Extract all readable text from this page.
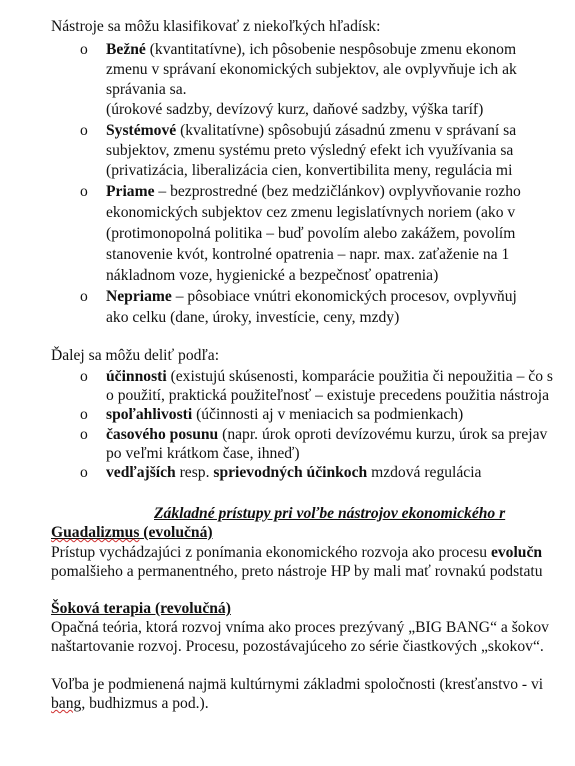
Nástroje sa môžu klasifikovať z niekoľkých hľadísk:
o	Bežné (kvantitatívne), ich pôsobenie nespôsobuje zmenu ekonom
zmenu v správaní ekonomických subjektov, ale ovplyvňuje ich ak
správania sa.
(úrokové sadzby, devízový kurz, daňové sadzby, výška taríf)
o	Systémové (kvalitatívne) spôsobujú zásadnú zmenu v správaní sa
subjektov, zmenu systému preto výsledný efekt ich využívania sa
(privatizácia, liberalizácia cien, konvertibilita meny, regulácia mi
o	Priame – bezprostredné (bez medzičlánkov) ovplyvňovanie rozho
ekonomických subjektov cez zmenu legislatívnych noriem (ako v
(protimonopolná politika – buď povolím alebo zakážem, povolím
stanovenie kvót, kontrolné opatrenia – napr. max. zaťaženie na 1
nákladnom voze, hygienické a bezpečnosť opatrenia)
o	Nepriame – pôsobiace vnútri ekonomických procesov, ovplyvňuj
ako celku (dane, úroky, investície, ceny, mzdy)
Ďalej sa môžu deliť podľa:
o	účinnosti (existujú skúsenosti, komparácie použitia či nepoužitia – čo s
o použití, praktická použiteľnosť – existuje precedens použitia nástroja
o	spoľahlivosti (účinnosti aj v meniacich sa podmienkach)
o	časového posunu (napr. úrok oproti devízovému kurzu, úrok sa prejav
po veľmi krátkom čase, ihneď)
o	vedľajších resp. sprievodných účinkoch mzdová regulácia
Základné prístupy pri voľbe nástrojov ekonomického r
Guadalizmus (evolučná)
Prístup vychádzajúci z ponímania ekonomického rozvoja ako procesu evolučn
pomalšieho a permanentného, preto nástroje HP by mali mať rovnakú podstatu
Šoková terapia (revolučná)
Opačná teória, ktorá rozvoj vníma ako proces prezývaný „BIG BANG“ a šokov
naštartovanie rozvoj. Procesu, pozostávajúceho zo série čiastkových „skokov“.
Voľba je podmienená najmä kultúrnymi základmi spoločnosti (kresťanstvo - vi
bang, budhizmus a pod.).
